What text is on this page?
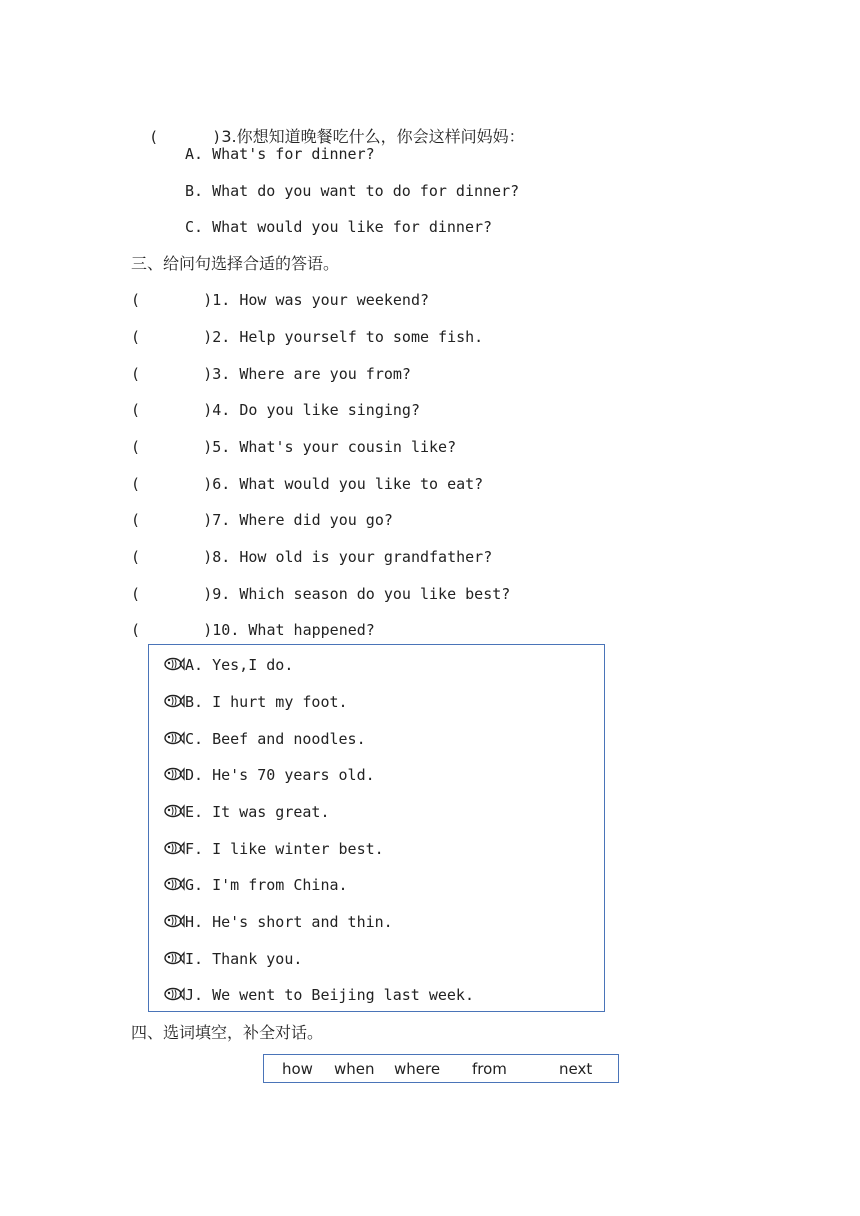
(      )3.你想知道晚餐吃什么，你会这样问妈妈：

A. What's for dinner?
B. What do you want to do for dinner?
C. What would you like for dinner?
三、给问句选择合适的答语。
(       )1. How was your weekend?
(       )2. Help yourself to some fish.
(       )3. Where are you from?
(       )4. Do you like singing?
(       )5. What's your cousin like?
(       )6. What would you like to eat?
(       )7. Where did you go?
(       )8. How old is your grandfather?
(       )9. Which season do you like best?
(       )10. What happened?
A. Yes,I do.
B. I hurt my foot.
C. Beef and noodles.
D. He's 70 years old.
E. It was great.
F. I like winter best.
G. I'm from China.
H. He's short and thin.
I. Thank you.
J. We went to Beijing last week.
四、选词填空，补全对话。
how when where from	next
